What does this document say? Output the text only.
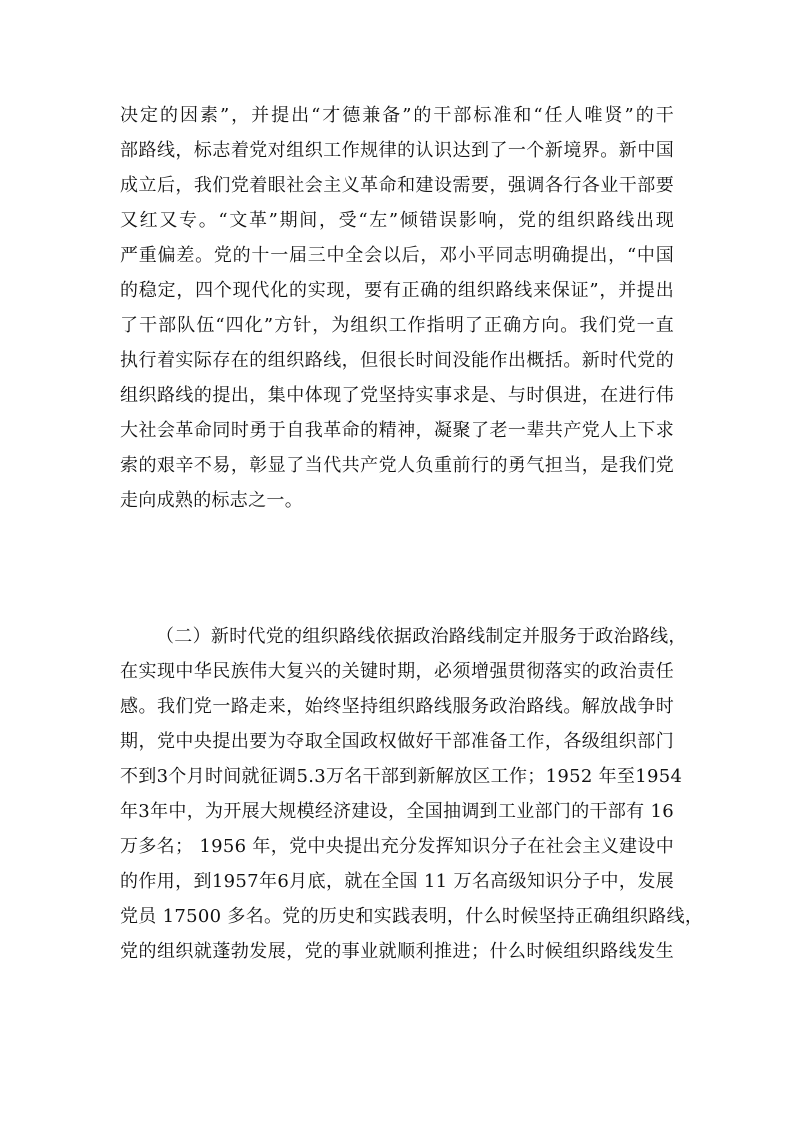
决定的因素”，并提出“才德兼备”的干部标准和“任人唯贤”的干
部路线，标志着党对组织工作规律的认识达到了一个新境界。新中国
成立后，我们党着眼社会主义革命和建设需要，强调各行各业干部要
又红又专。“文革”期间，受“左”倾错误影响，党的组织路线出现
严重偏差。党的十一届三中全会以后，邓小平同志明确提出，“中国
的稳定，四个现代化的实现，要有正确的组织路线来保证”，并提出
了干部队伍“四化”方针，为组织工作指明了正确方向。我们党一直
执行着实际存在的组织路线，但很长时间没能作出概括。新时代党的
组织路线的提出，集中体现了党坚持实事求是、与时俱进，在进行伟
大社会革命同时勇于自我革命的精神，凝聚了老一辈共产党人上下求
索的艰辛不易，彰显了当代共产党人负重前行的勇气担当，是我们党
走向成熟的标志之一。
（二）新时代党的组织路线依据政治路线制定并服务于政治路线，
在实现中华民族伟大复兴的关键时期，必须增强贯彻落实的政治责任
感。我们党一路走来，始终坚持组织路线服务政治路线。解放战争时
期，党中央提出要为夺取全国政权做好干部准备工作，各级组织部门
不到3个月时间就征调5.3万名干部到新解放区工作；1952 年至1954
年3年中，为开展大规模经济建设，全国抽调到工业部门的干部有 16
万多名； 1956 年，党中央提出充分发挥知识分子在社会主义建设中
的作用，到1957年6月底，就在全国 11 万名高级知识分子中，发展
党员 17500 多名。党的历史和实践表明，什么时候坚持正确组织路线，
党的组织就蓬勃发展，党的事业就顺利推进；什么时候组织路线发生
